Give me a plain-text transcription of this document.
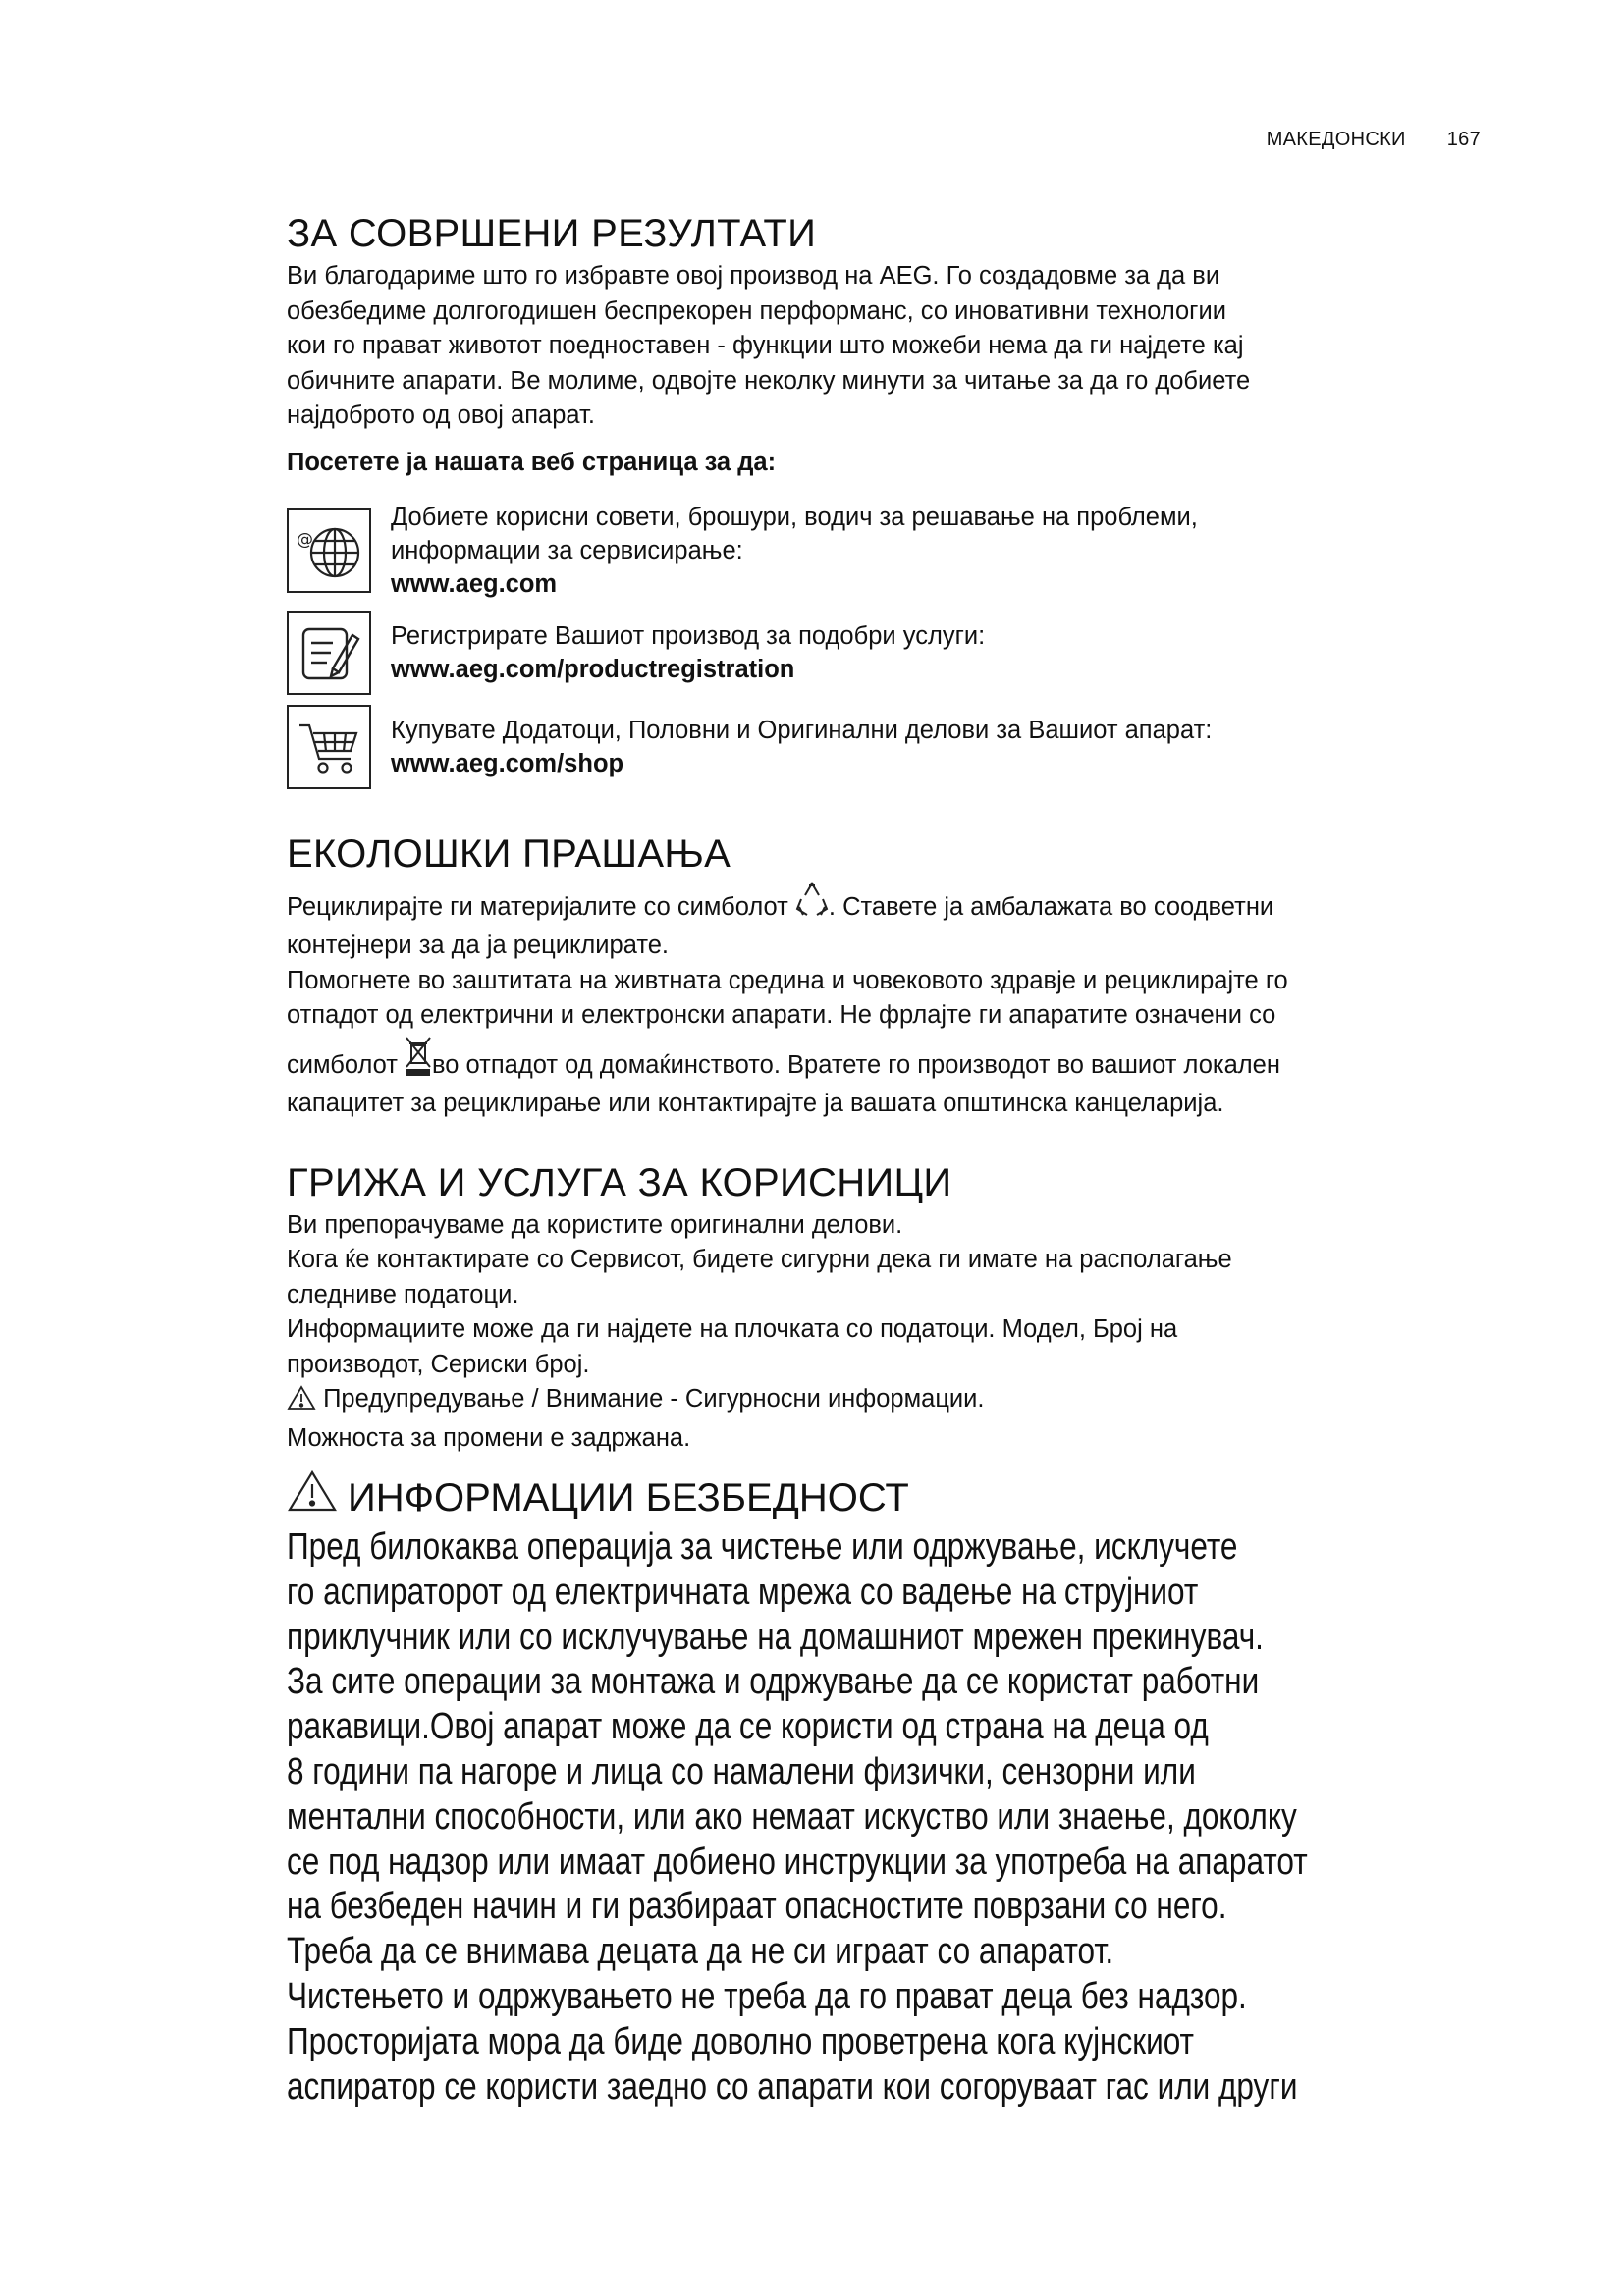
МАКЕДОНСКИ 167
ЗА СОВРШЕНИ РЕЗУЛТАТИ

Ви благодариме што го избравте овој производ на AEG. Го создадовме за да ви
обезбедиме долгогодишен беспрекорен перформанс, со иновативни технологии
кои го прават животот поедноставен - функции што можеби нема да ги најдете кај
обичните апарати. Ве молиме, одвојте неколку минути за читање за да го добиете
најдоброто од овој апарат.

Посетете ја нашата веб страница за да:

@
Добиете корисни совети, брошури, водич за решавање на проблеми,
информации за сервисирање:
www.aeg.com
Регистрирате Вашиот производ за подобри услуги:
www.aeg.com/productregistration
Купувате Додатоци, Половни и Оригинални делови за Вашиот апарат:
www.aeg.com/shop
ЕКОЛОШКИ ПРАШАЊА

Рециклирајте ги материјалите со симболот . Ставете ја амбалажата во соодветни
контејнери за да ја рециклирате.
Помогнете во заштитата на живтната средина и човековото здравје и рециклирајте го
отпадот од електрични и електронски апарати. Не фрлајте ги апаратите означени со
симболот во отпадот од домаќинството. Вратете го производот во вашиот локален
капацитет за рециклирање или контактирајте ја вашата општинска канцеларија.

ГРИЖА И УСЛУГА ЗА КОРИСНИЦИ

Ви препорачуваме да користите оригинални делови.
Кога ќе контактирате со Сервисот, бидете сигурни дека ги имате на располагање
следниве податоци.
Информациите може да ги најдете на плочката со податоци. Модел, Број на
производот, Сериски број.
Предупредување / Внимание - Сигурносни информации.
Можноста за промени е задржана.

ИНФОРМАЦИИ БЕЗБЕДНОСТ

Пред билокаква операција за чистење или одржување, исклучете
го аспираторот од електричната мрежа со вадење на струјниот
приклучник или со исклучување на домашниот мрежен прекинувач.
За сите операции за монтажа и одржување да се користат работни
ракавици.Овој апарат може да се користи од страна на деца од
8 години па нагоре и лица со намалени физички, сензорни или
ментални способности, или ако немаат искуство или знаење, доколку
се под надзор или имаат добиено инструкции за употреба на апаратот
на безбеден начин и ги разбираат опасностите поврзани со него.
Треба да се внимава децата да не си играат со апаратот.
Чистењето и одржувањето не треба да го прават деца без надзор.
Просторијата мора да биде доволно проветрена кога кујнскиот
аспиратор се користи заедно со апарати кои согоруваат гас или други
